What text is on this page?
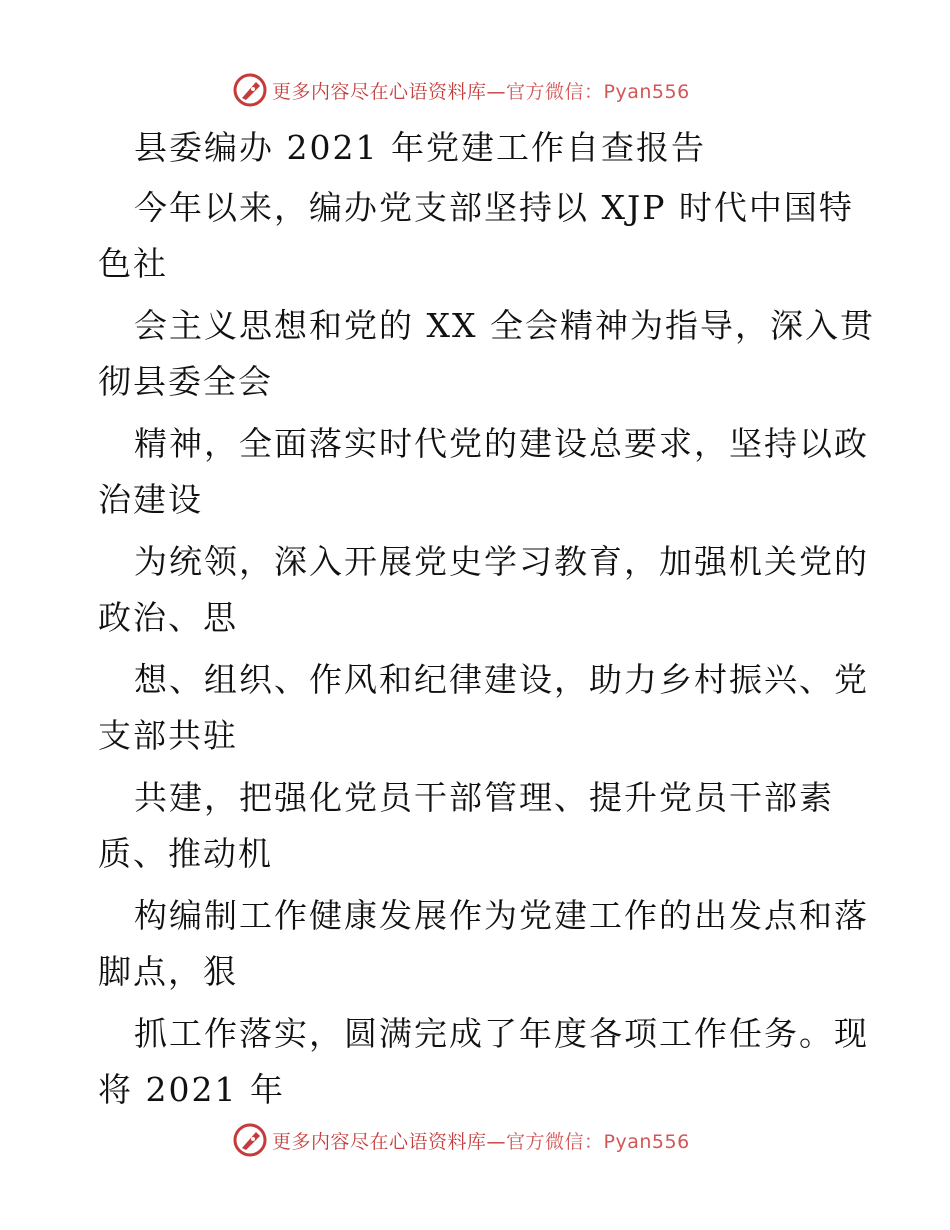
更多内容尽在心语资料库—官方微信：Pyan556
县委编办 2021 年党建工作自查报告
今年以来，编办党支部坚持以 XJP 时代中国特
色社
会主义思想和党的 XX 全会精神为指导，深入贯
彻县委全会
精神，全面落实时代党的建设总要求，坚持以政
治建设
为统领，深入开展党史学习教育，加强机关党的
政治、思
想、组织、作风和纪律建设，助力乡村振兴、党
支部共驻
共建，把强化党员干部管理、提升党员干部素
质、推动机
构编制工作健康发展作为党建工作的出发点和落
脚点，狠
抓工作落实，圆满完成了年度各项工作任务。现
将 2021 年
更多内容尽在心语资料库—官方微信：Pyan556
